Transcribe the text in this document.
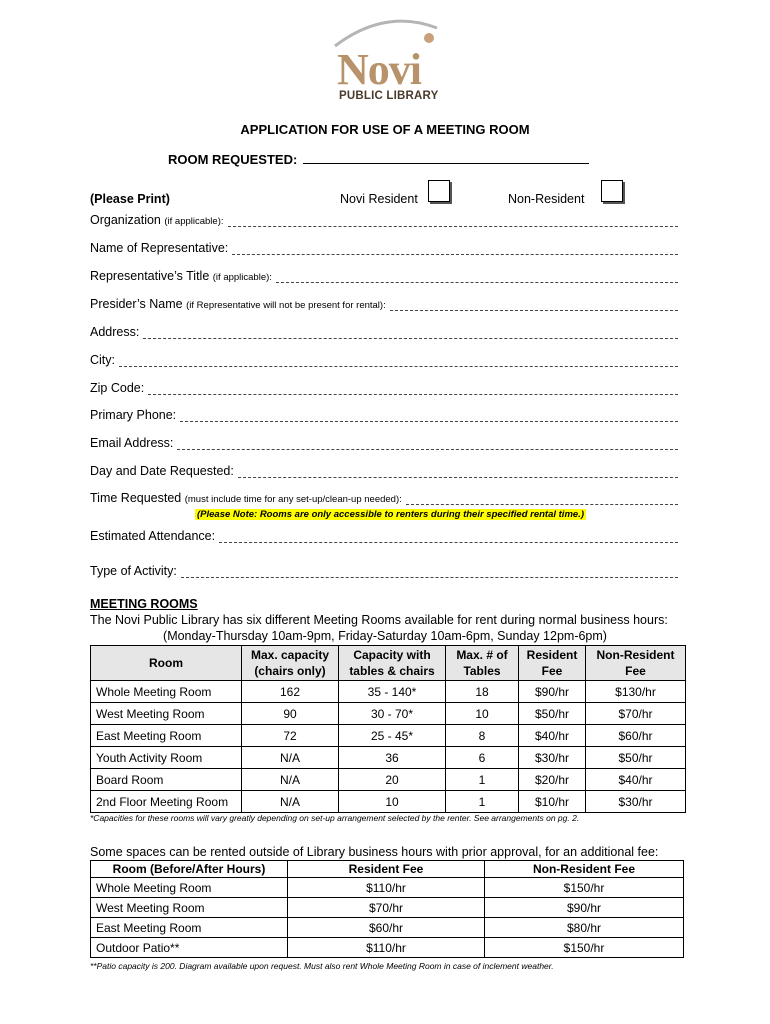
Novi
PUBLIC LIBRARY
APPLICATION FOR USE OF A MEETING ROOM
ROOM REQUESTED:
(Please Print)	Novi Resident	Non-Resident
Organization
(if applicable):
Name of Representative:
Representative’s Title
(if applicable):
Presider’s Name
(if Representative will not be present for rental):
Address:
City:
Zip Code:
Primary Phone:
Email Address:
Day and Date Requested:
Time Requested
(must include time for any set-up/clean-up needed):
(Please Note: Rooms are only accessible to renters during their specified rental time.)
Estimated Attendance:
Type of Activity:
MEETING ROOMS
The Novi Public Library has six different Meeting Rooms available for rent during normal business hours:
(Monday-Thursday 10am-9pm, Friday-Saturday 10am-6pm, Sunday 12pm-6pm)
Room	Max. capacity (chairs only)	Capacity with tables & chairs	Max. # of Tables	Resident Fee	Non-Resident Fee
Whole Meeting Room	162	35 - 140*	18	$90/hr	$130/hr
West Meeting Room	90	30 - 70*	10	$50/hr	$70/hr
East Meeting Room	72	25 - 45*	8	$40/hr	$60/hr
Youth Activity Room	N/A	36	6	$30/hr	$50/hr
Board Room	N/A	20	1	$20/hr	$40/hr
2nd Floor Meeting Room	N/A	10	1	$10/hr	$30/hr
*Capacities for these rooms will vary greatly depending on set-up arrangement selected by the renter. See arrangements on pg. 2.
Some spaces can be rented outside of Library business hours with prior approval, for an additional fee:
Room (Before/After Hours)	Resident Fee	Non-Resident Fee
Whole Meeting Room	$110/hr	$150/hr
West Meeting Room	$70/hr	$90/hr
East Meeting Room	$60/hr	$80/hr
Outdoor Patio**	$110/hr	$150/hr
**Patio capacity is 200. Diagram available upon request. Must also rent Whole Meeting Room in case of inclement weather.
